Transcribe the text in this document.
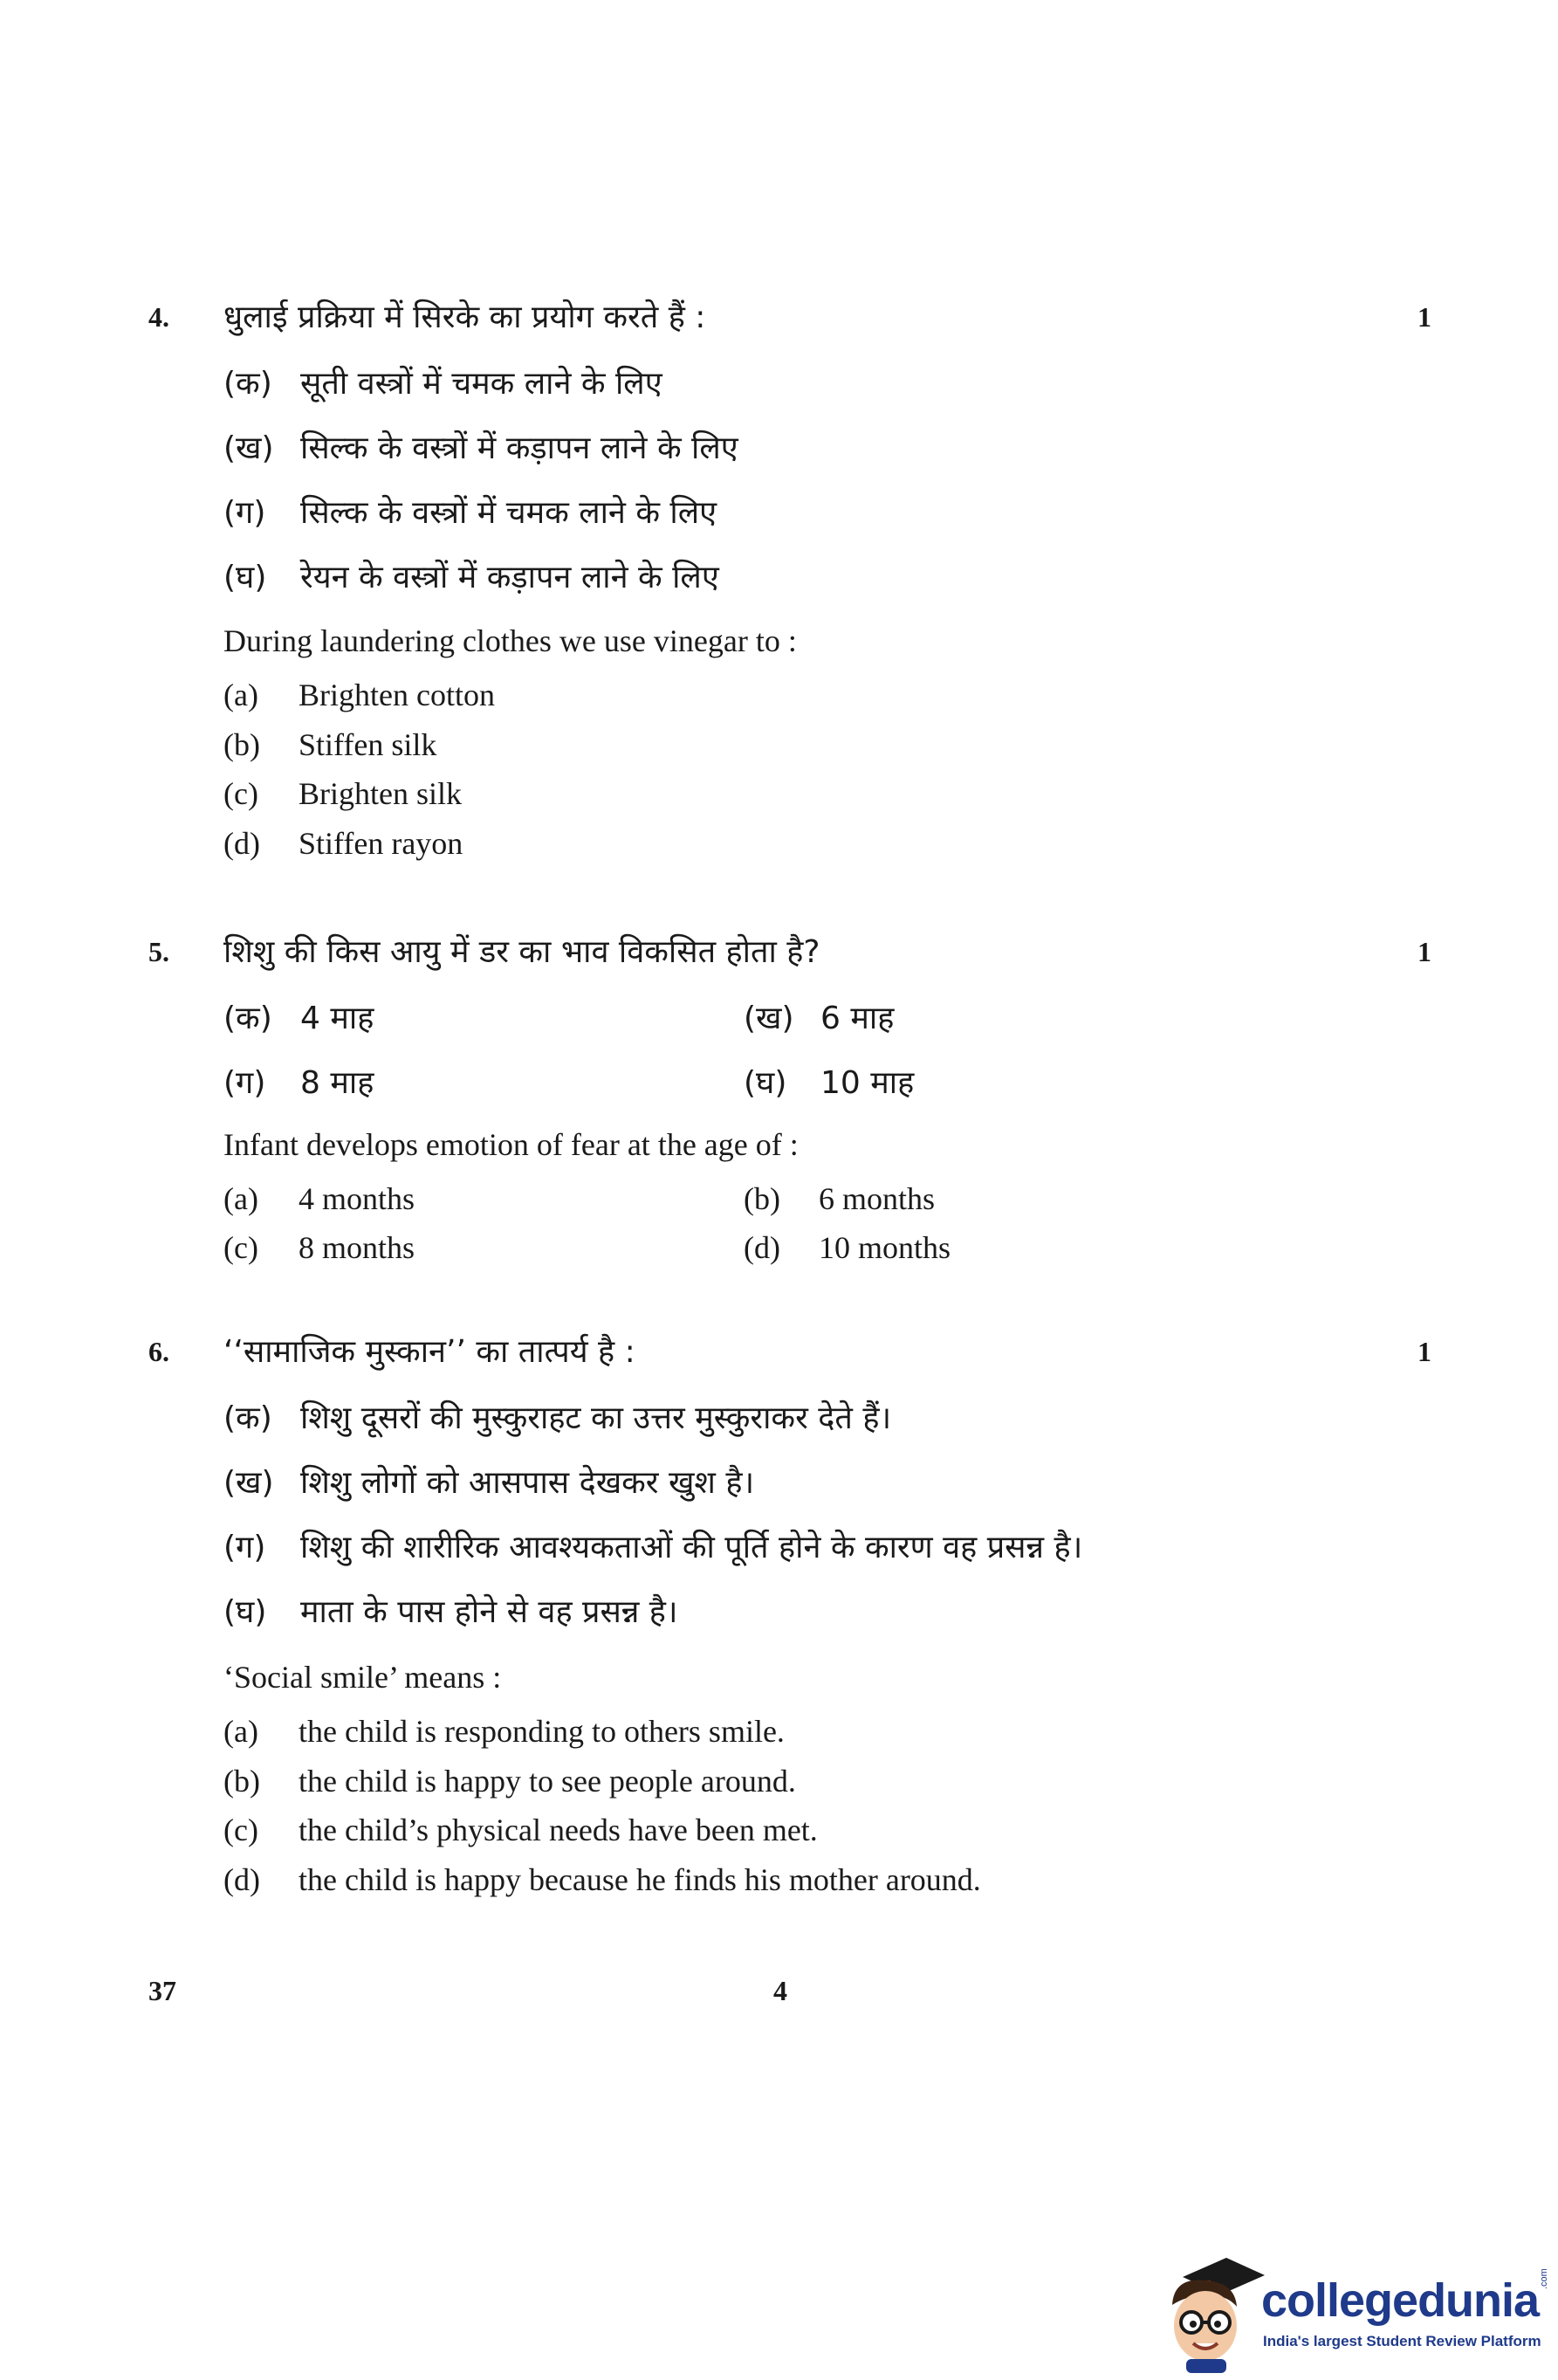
4.	1
धुलाई प्रक्रिया में सिरके का प्रयोग करते हैं :
(क) सूती वस्त्रों में चमक लाने के लिए
(ख) सिल्क के वस्त्रों में कड़ापन लाने के लिए
(ग) सिल्क के वस्त्रों में चमक लाने के लिए
(घ) रेयन के वस्त्रों में कड़ापन लाने के लिए
During laundering clothes we use vinegar to :
(a) Brighten cotton
(b) Stiffen silk
(c) Brighten silk
(d) Stiffen rayon
5.	1
शिशु की किस आयु में डर का भाव विकसित होता है?
(क) 4 माह	(ख) 6 माह
(ग) 8 माह	(घ) 10 माह
Infant develops emotion of fear at the age of :
(a) 4 months	(b) 6 months
(c) 8 months	(d) 10 months
6.	1
‘‘सामाजिक मुस्कान’’ का तात्पर्य है :
(क) शिशु दूसरों की मुस्कुराहट का उत्तर मुस्कुराकर देते हैं।
(ख) शिशु लोगों को आसपास देखकर खुश है।
(ग) शिशु की शारीरिक आवश्यकताओं की पूर्ति होने के कारण वह प्रसन्न है।
(घ) माता के पास होने से वह प्रसन्न है।
‘Social smile’ means :
(a) the child is responding to others smile.
(b) the child is happy to see people around.
(c) the child’s physical needs have been met.
(d) the child is happy because he finds his mother around.
37	4
collegedunia .com
India's largest Student Review Platform
